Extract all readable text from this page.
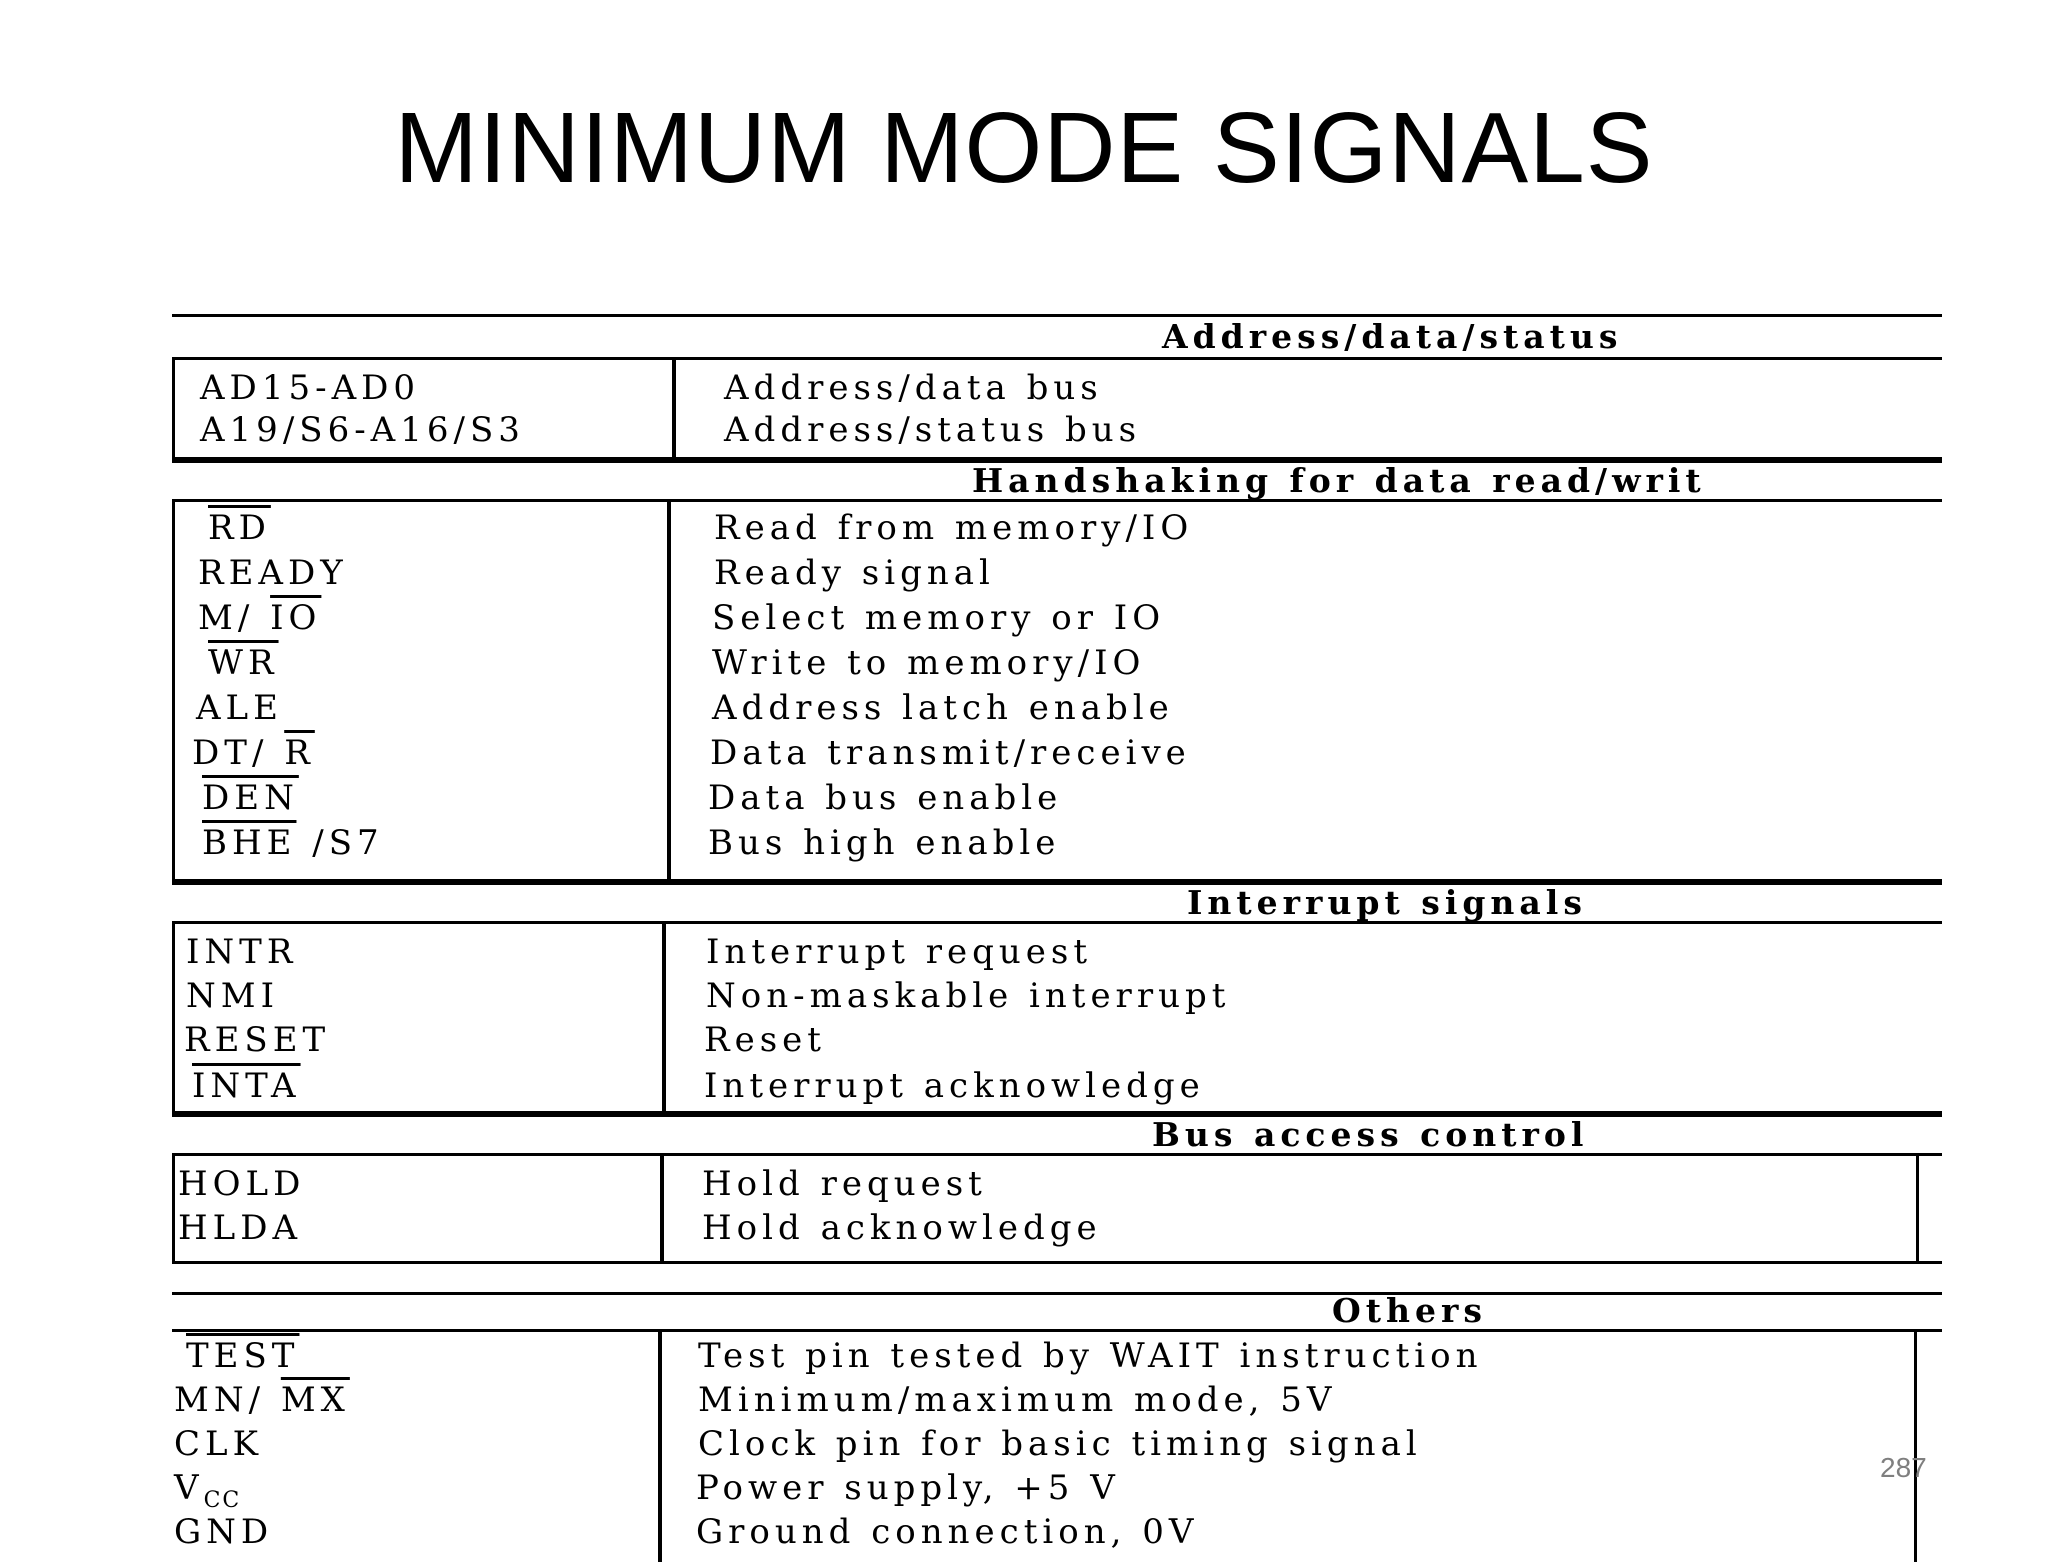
MINIMUM MODE SIGNALS
Address/data/status
AD15-AD0	Address/data bus
A19/S6-A16/S3	Address/status bus
Handshaking for data read/writ
$\overline{RD}$	Read from memory/IO
READY	Ready signal
M/ $\overline{IO}$	Select memory or IO
$\overline{WR}$	Write to memory/IO
ALE	Address latch enable
DT/ $\overline{R}$	Data transmit/receive
$\overline{DEN}$	Data bus enable
$\overline{BHE}$ /S7	Bus high enable
Interrupt signals
INTR	Interrupt request
NMI	Non-maskable interrupt
RESET	Reset
INTA	Interrupt acknowledge
Bus access control
HOLD	Hold request
HLDA	Hold acknowledge
Others
TEST	Test pin tested by WAIT instruction
MN/ $\overline{MX}$	Minimum/maximum mode, 5V
CLK	Clock pin for basic timing signal
$V_{CC}$	Power supply, +5 V
GND	Ground connection, 0V
287
